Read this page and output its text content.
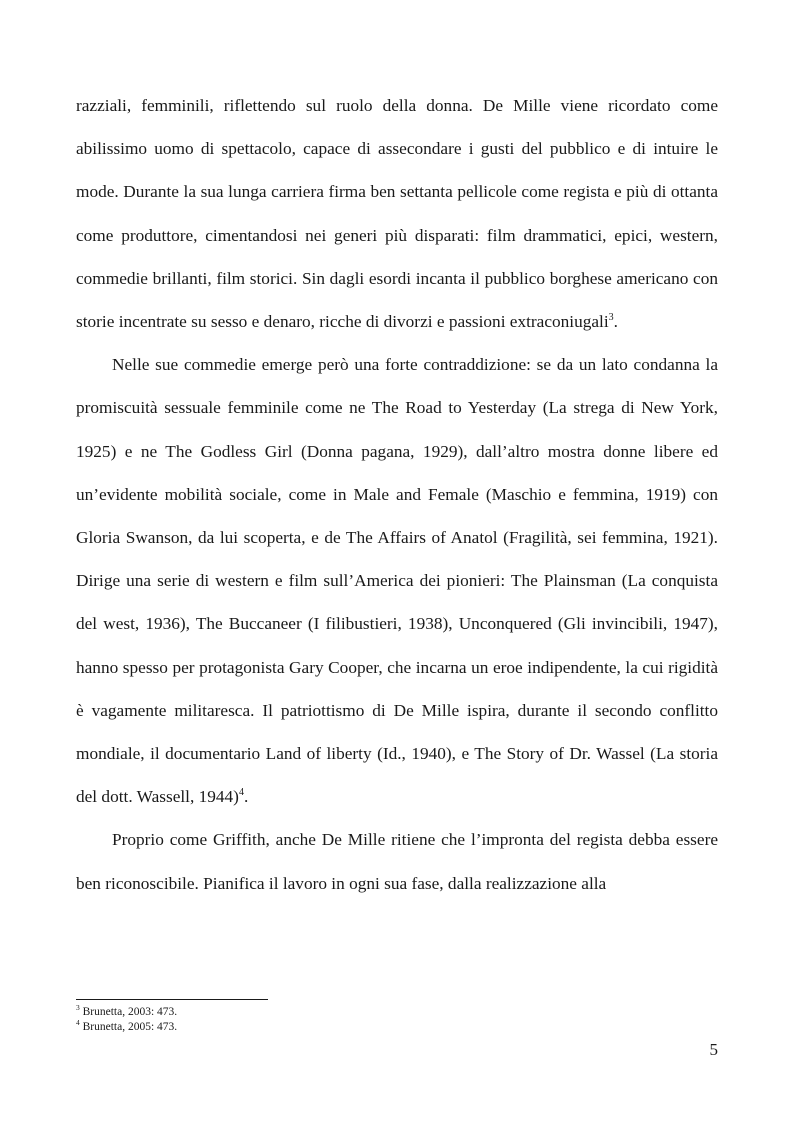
razziali, femminili, riflettendo sul ruolo della donna. De Mille viene ricordato come abilissimo uomo di spettacolo, capace di assecondare i gusti del pubblico e di intuire le mode. Durante la sua lunga carriera firma ben settanta pellicole come regista e più di ottanta come produttore, cimentandosi nei generi più disparati: film drammatici, epici, western, commedie brillanti, film storici. Sin dagli esordi incanta il pubblico borghese americano con storie incentrate su sesso e denaro, ricche di divorzi e passioni extraconiugali$^3$.

Nelle sue commedie emerge però una forte contraddizione: se da un lato condanna la promiscuità sessuale femminile come ne The Road to Yesterday (La strega di New York, 1925) e ne The Godless Girl (Donna pagana, 1929), dall’altro mostra donne libere ed un’evidente mobilità sociale, come in Male and Female (Maschio e femmina, 1919) con Gloria Swanson, da lui scoperta, e de The Affairs of Anatol (Fragilità, sei femmina, 1921). Dirige una serie di western e film sull’America dei pionieri: The Plainsman (La conquista del west, 1936), The Buccaneer (I filibustieri, 1938), Unconquered (Gli invincibili, 1947), hanno spesso per protagonista Gary Cooper, che incarna un eroe indipendente, la cui rigidità è vagamente militaresca. Il patriottismo di De Mille ispira, durante il secondo conflitto mondiale, il documentario Land of liberty (Id., 1940), e The Story of Dr. Wassel (La storia del dott. Wassell, 1944)$^4$.

Proprio come Griffith, anche De Mille ritiene che l’impronta del regista debba essere ben riconoscibile. Pianifica il lavoro in ogni sua fase, dalla realizzazione alla

$^3$ Brunetta, 2003: 473.

$^4$ Brunetta, 2005: 473.

5
